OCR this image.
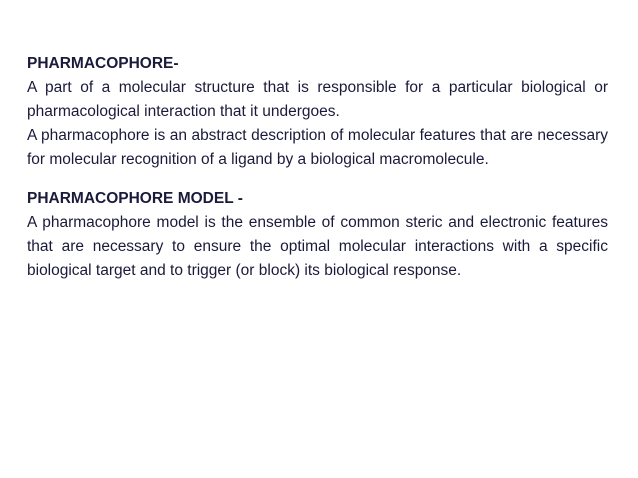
PHARMACOPHORE-

A part of a molecular structure that is responsible for a particular biological or pharmacological interaction that it undergoes.

A pharmacophore is an abstract description of molecular features that are necessary for molecular recognition of a ligand by a biological macromolecule.

PHARMACOPHORE MODEL -

A pharmacophore model is the ensemble of common steric and electronic features that are necessary to ensure the optimal molecular interactions with a specific biological target and to trigger (or block) its biological response.
